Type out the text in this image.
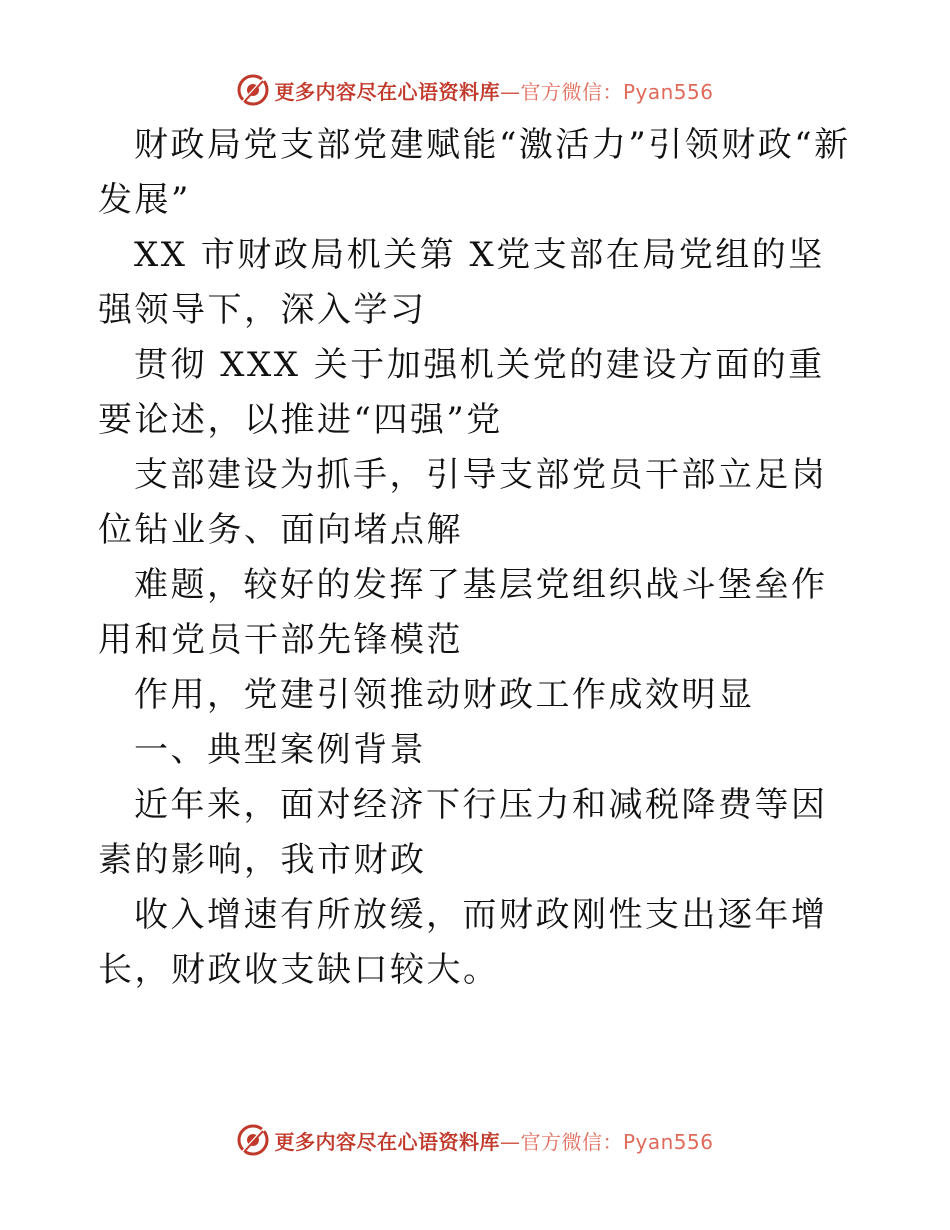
更多内容尽在心语资料库—官方微信：Pyan556

财政局党支部党建赋能“激活力”引领财政“新发展”

XX 市财政局机关第 X党支部在局党组的坚强领导下，深入学习

贯彻 XXX 关于加强机关党的建设方面的重要论述，以推进“四强”党

支部建设为抓手，引导支部党员干部立足岗位钻业务、面向堵点解

难题，较好的发挥了基层党组织战斗堡垒作用和党员干部先锋模范

作用，党建引领推动财政工作成效明显

一、典型案例背景

近年来，面对经济下行压力和减税降费等因素的影响，我市财政

收入增速有所放缓，而财政刚性支出逐年增长，财政收支缺口较大。

更多内容尽在心语资料库—官方微信：Pyan556
